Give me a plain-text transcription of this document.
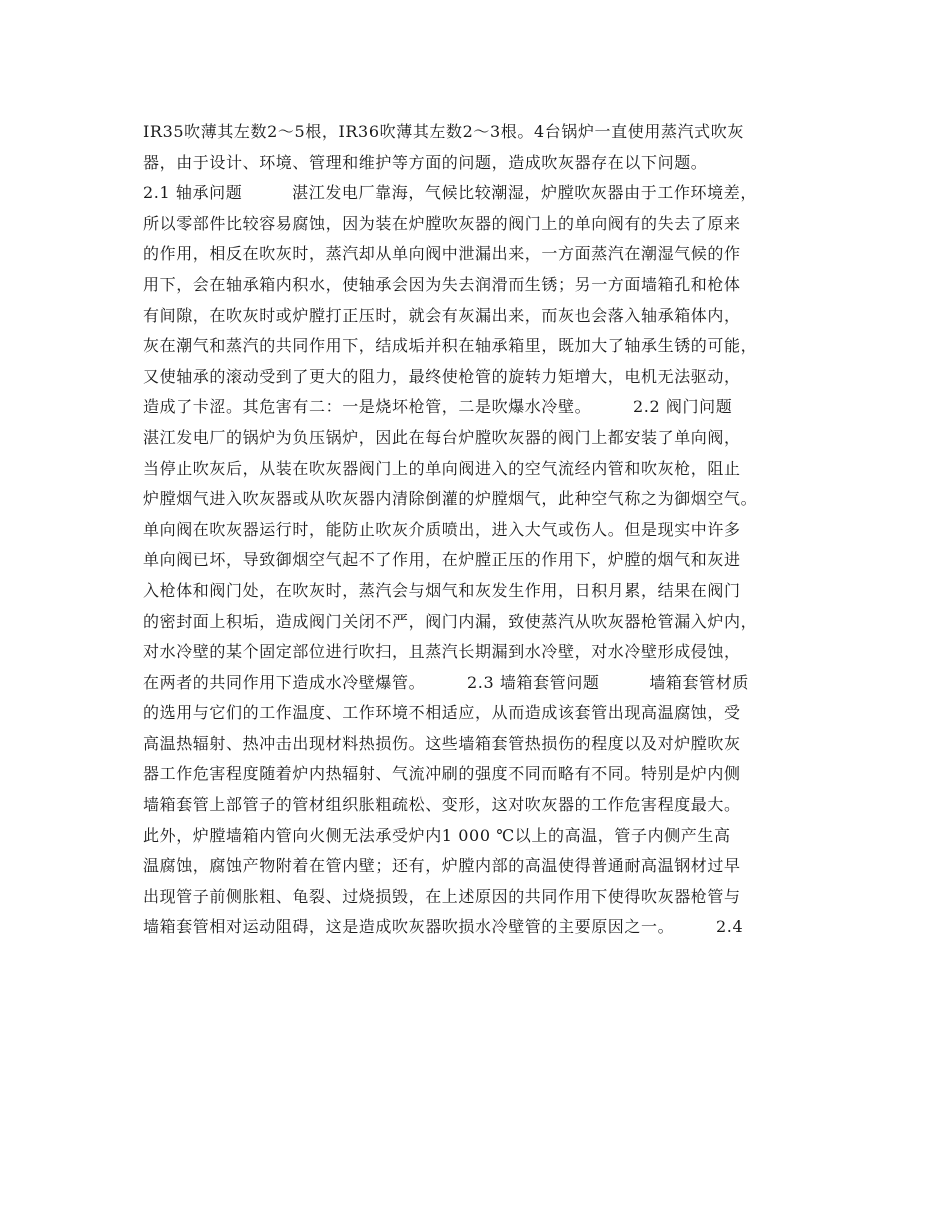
IR35吹薄其左数2～5根，IR36吹薄其左数2～3根。4台锅炉一直使用蒸汽式吹灰
器，由于设计、环境、管理和维护等方面的问题，造成吹灰器存在以下问题。
2.1 轴承问题　　　湛江发电厂靠海，气候比较潮湿，炉膛吹灰器由于工作环境差，
所以零部件比较容易腐蚀，因为装在炉膛吹灰器的阀门上的单向阀有的失去了原来
的作用，相反在吹灰时，蒸汽却从单向阀中泄漏出来，一方面蒸汽在潮湿气候的作
用下，会在轴承箱内积水，使轴承会因为失去润滑而生锈；另一方面墙箱孔和枪体
有间隙，在吹灰时或炉膛打正压时，就会有灰漏出来，而灰也会落入轴承箱体内，
灰在潮气和蒸汽的共同作用下，结成垢并积在轴承箱里，既加大了轴承生锈的可能，
又使轴承的滚动受到了更大的阻力，最终使枪管的旋转力矩增大，电机无法驱动，
造成了卡涩。其危害有二：一是烧坏枪管，二是吹爆水冷壁。　　　2.2 阀门问题
湛江发电厂的锅炉为负压锅炉，因此在每台炉膛吹灰器的阀门上都安装了单向阀，
当停止吹灰后，从装在吹灰器阀门上的单向阀进入的空气流经内管和吹灰枪，阻止
炉膛烟气进入吹灰器或从吹灰器内清除倒灌的炉膛烟气，此种空气称之为御烟空气。
单向阀在吹灰器运行时，能防止吹灰介质喷出，进入大气或伤人。但是现实中许多
单向阀已坏，导致御烟空气起不了作用，在炉膛正压的作用下，炉膛的烟气和灰进
入枪体和阀门处，在吹灰时，蒸汽会与烟气和灰发生作用，日积月累，结果在阀门
的密封面上积垢，造成阀门关闭不严，阀门内漏，致使蒸汽从吹灰器枪管漏入炉内，
对水冷壁的某个固定部位进行吹扫，且蒸汽长期漏到水冷壁，对水冷壁形成侵蚀，
在两者的共同作用下造成水冷壁爆管。　　　2.3 墙箱套管问题　　　墙箱套管材质
的选用与它们的工作温度、工作环境不相适应，从而造成该套管出现高温腐蚀，受
高温热辐射、热冲击出现材料热损伤。这些墙箱套管热损伤的程度以及对炉膛吹灰
器工作危害程度随着炉内热辐射、气流冲刷的强度不同而略有不同。特别是炉内侧
墙箱套管上部管子的管材组织胀粗疏松、变形，这对吹灰器的工作危害程度最大。
此外，炉膛墙箱内管向火侧无法承受炉内1 000 ℃以上的高温，管子内侧产生高
温腐蚀，腐蚀产物附着在管内壁；还有，炉膛内部的高温使得普通耐高温钢材过早
出现管子前侧胀粗、龟裂、过烧损毁，在上述原因的共同作用下使得吹灰器枪管与
墙箱套管相对运动阻碍，这是造成吹灰器吹损水冷壁管的主要原因之一。　　　2.4
